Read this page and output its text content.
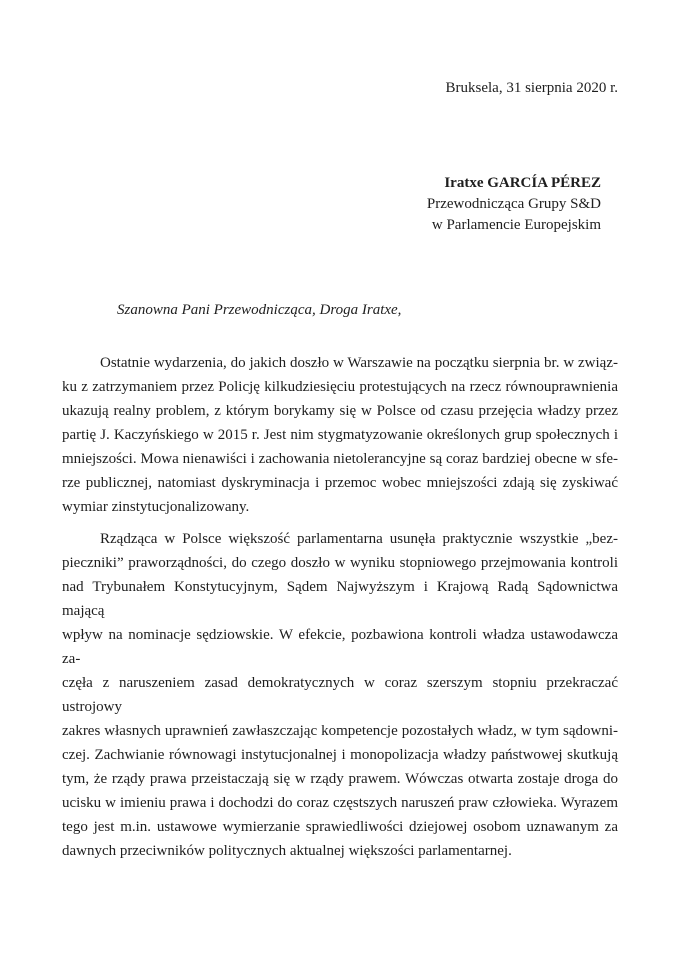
Bruksela, 31 sierpnia 2020 r.
Iratxe GARCÍA PÉREZ
Przewodnicząca Grupy S&D
w Parlamencie Europejskim
Szanowna Pani Przewodnicząca, Droga Iratxe,
Ostatnie wydarzenia, do jakich doszło w Warszawie na początku sierpnia br. w związ-
ku z zatrzymaniem przez Policję kilkudziesięciu protestujących na rzecz równouprawnienia
ukazują realny problem, z którym borykamy się w Polsce od czasu przejęcia władzy przez
partię J. Kaczyńskiego w 2015 r. Jest nim stygmatyzowanie określonych grup społecznych i
mniejszości. Mowa nienawiści i zachowania nietolerancyjne są coraz bardziej obecne w sfe-
rze publicznej, natomiast dyskryminacja i przemoc wobec mniejszości zdają się zyskiwać
wymiar zinstytucjonalizowany.
Rządząca w Polsce większość parlamentarna usunęła praktycznie wszystkie „bez-
pieczniki” praworządności, do czego doszło w wyniku stopniowego przejmowania kontroli
nad Trybunałem Konstytucyjnym, Sądem Najwyższym i Krajową Radą Sądownictwa mającą
wpływ na nominacje sędziowskie. W efekcie, pozbawiona kontroli władza ustawodawcza za-
częła z naruszeniem zasad demokratycznych w coraz szerszym stopniu przekraczać ustrojowy
zakres własnych uprawnień zawłaszczając kompetencje pozostałych władz, w tym sądowni-
czej. Zachwianie równowagi instytucjonalnej i monopolizacja władzy państwowej skutkują
tym, że rządy prawa przeistaczają się w rządy prawem. Wówczas otwarta zostaje droga do
ucisku w imieniu prawa i dochodzi do coraz częstszych naruszeń praw człowieka. Wyrazem
tego jest m.in. ustawowe wymierzanie sprawiedliwości dziejowej osobom uznawanym za
dawnych przeciwników politycznych aktualnej większości parlamentarnej.
